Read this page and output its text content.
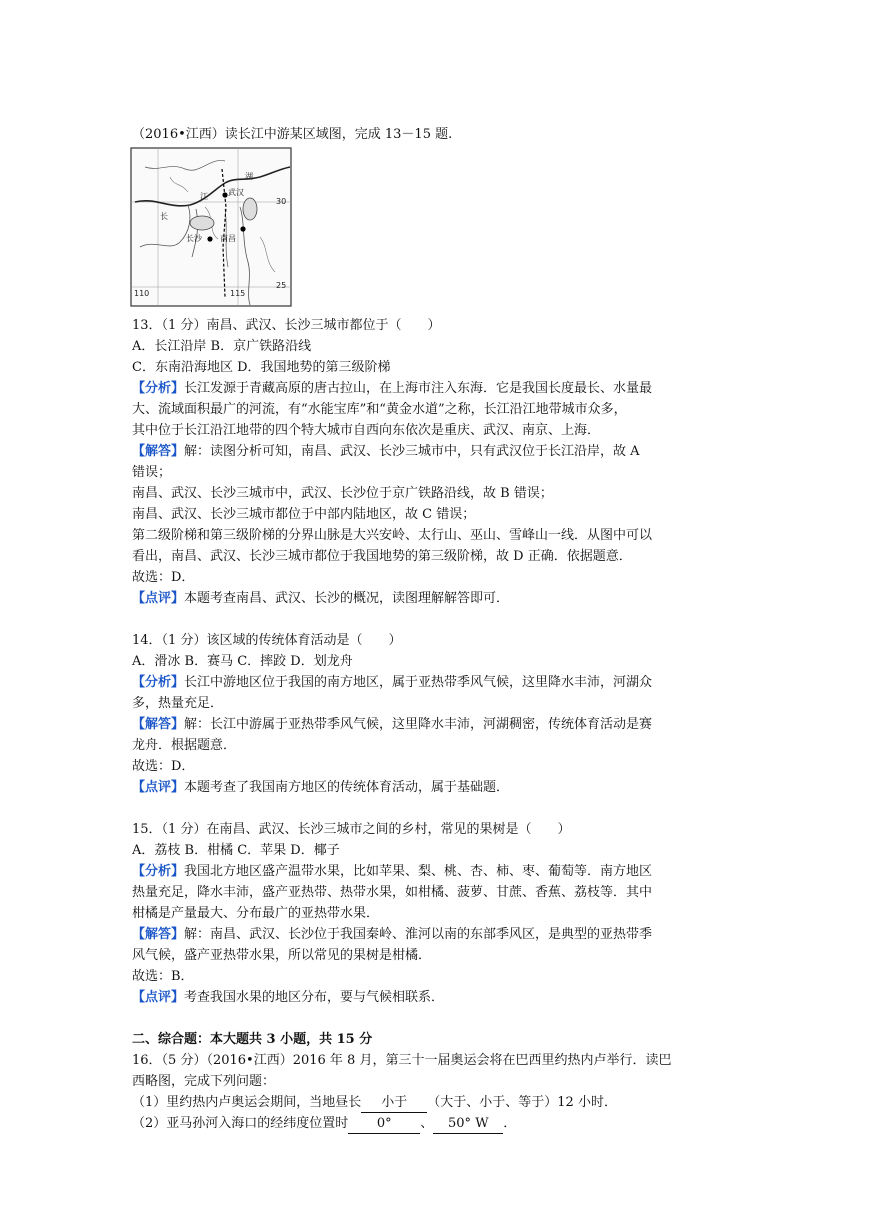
（2016•江西）读长江中游某区域图，完成 13－15 题.
武汉
长沙 南昌
湖
江
长
110	115
30
25
13．（1 分）南昌、武汉、长沙三城市都位于（　　）
A．长江沿岸 B．京广铁路沿线
C．东南沿海地区 D．我国地势的第三级阶梯
【分析】长江发源于青藏高原的唐古拉山，在上海市注入东海．它是我国长度最长、水量最
大、流域面积最广的河流，有“水能宝库”和“黄金水道”之称，长江沿江地带城市众多，
其中位于长江沿江地带的四个特大城市自西向东依次是重庆、武汉、南京、上海．
【解答】解：读图分析可知，南昌、武汉、长沙三城市中，只有武汉位于长江沿岸，故 A
错误；
南昌、武汉、长沙三城市中，武汉、长沙位于京广铁路沿线，故 B 错误；
南昌、武汉、长沙三城市都位于中部内陆地区，故 C 错误；
第二级阶梯和第三级阶梯的分界山脉是大兴安岭、太行山、巫山、雪峰山一线．从图中可以
看出，南昌、武汉、长沙三城市都位于我国地势的第三级阶梯，故 D 正确．依据题意．
故选：D．
【点评】本题考查南昌、武汉、长沙的概况，读图理解解答即可．
14．（1 分）该区域的传统体育活动是（　　）
A．滑冰 B．赛马 C．摔跤 D．划龙舟
【分析】长江中游地区位于我国的南方地区，属于亚热带季风气候，这里降水丰沛，河湖众
多，热量充足．
【解答】解：长江中游属于亚热带季风气候，这里降水丰沛，河湖稠密，传统体育活动是赛
龙舟．根据题意．
故选：D．
【点评】本题考查了我国南方地区的传统体育活动，属于基础题．
15．（1 分）在南昌、武汉、长沙三城市之间的乡村，常见的果树是（　　）
A．荔枝 B．柑橘 C．苹果 D．椰子
【分析】我国北方地区盛产温带水果，比如苹果、梨、桃、杏、柿、枣、葡萄等．南方地区
热量充足，降水丰沛，盛产亚热带、热带水果，如柑橘、菠萝、甘蔗、香蕉、荔枝等．其中
柑橘是产量最大、分布最广的亚热带水果．
【解答】解：南昌、武汉、长沙位于我国秦岭、淮河以南的东部季风区，是典型的亚热带季
风气候，盛产亚热带水果，所以常见的果树是柑橘．
故选：B．
【点评】考查我国水果的地区分布，要与气候相联系．
二、综合题：本大题共 3 小题，共 15 分
16．（5 分）（2016•江西）2016 年 8 月，第三十一届奥运会将在巴西里约热内卢举行．读巴
西略图，完成下列问题：
（1）里约热内卢奥运会期间，当地昼长 小于 （大于、小于、等于）12 小时．
（2）亚马孙河入海口的经纬度位置时 0° 、 50° W ．
